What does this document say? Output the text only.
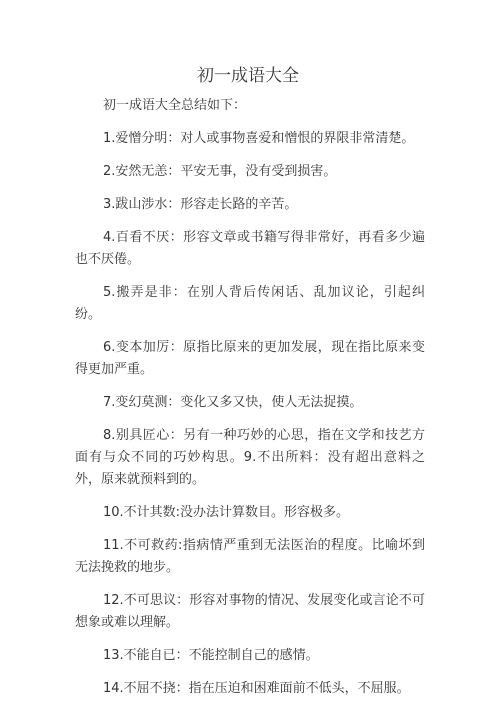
初一成语大全

初一成语大全总结如下：

1.爱憎分明：对人或事物喜爱和憎恨的界限非常清楚。

2.安然无恙：平安无事，没有受到损害。

3.跋山涉水：形容走长路的辛苦。

4.百看不厌：形容文章或书籍写得非常好，再看多少遍也不厌倦。

5.搬弄是非：在别人背后传闲话、乱加议论，引起纠纷。

6.变本加厉：原指比原来的更加发展，现在指比原来变得更加严重。

7.变幻莫测：变化又多又快，使人无法捉摸。

8.别具匠心：另有一种巧妙的心思，指在文学和技艺方面有与众不同的巧妙构思。9.不出所料：没有超出意料之外，原来就预料到的。

10.不计其数:没办法计算数目。形容极多。

11.不可救药:指病情严重到无法医治的程度。比喻坏到无法挽救的地步。

12.不可思议：形容对事物的情况、发展变化或言论不可想象或难以理解。

13.不能自已：不能控制自己的感情。

14.不屈不挠：指在压迫和困难面前不低头，不屈服。
